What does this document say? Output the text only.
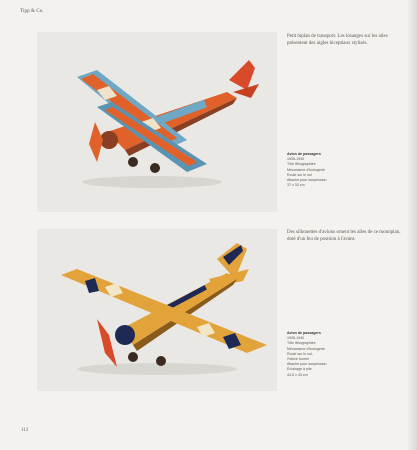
Tipp & Co.
Petit biplan de transport. Les losanges sur les ailes présentent des aigles biceptiaux stylisés.
Avion de passagers
1935-1940
Tôle lithographiée
Mécanisme d'horlogerie
Roule sur le sol
Attache pour suspension
37 x 33 cm
Des silhouettes d'avions ornent les ailes de ce monoplan, doté d'un feu de position à l'avant.
Avion de passagers
1935-1940
Tôle lithographiée
Mécanisme d'horlogerie
Roule sur le sol,
l'hélice tourne
Attache pour suspension
Éclairage à pile
44,5 x 43 cm
112
